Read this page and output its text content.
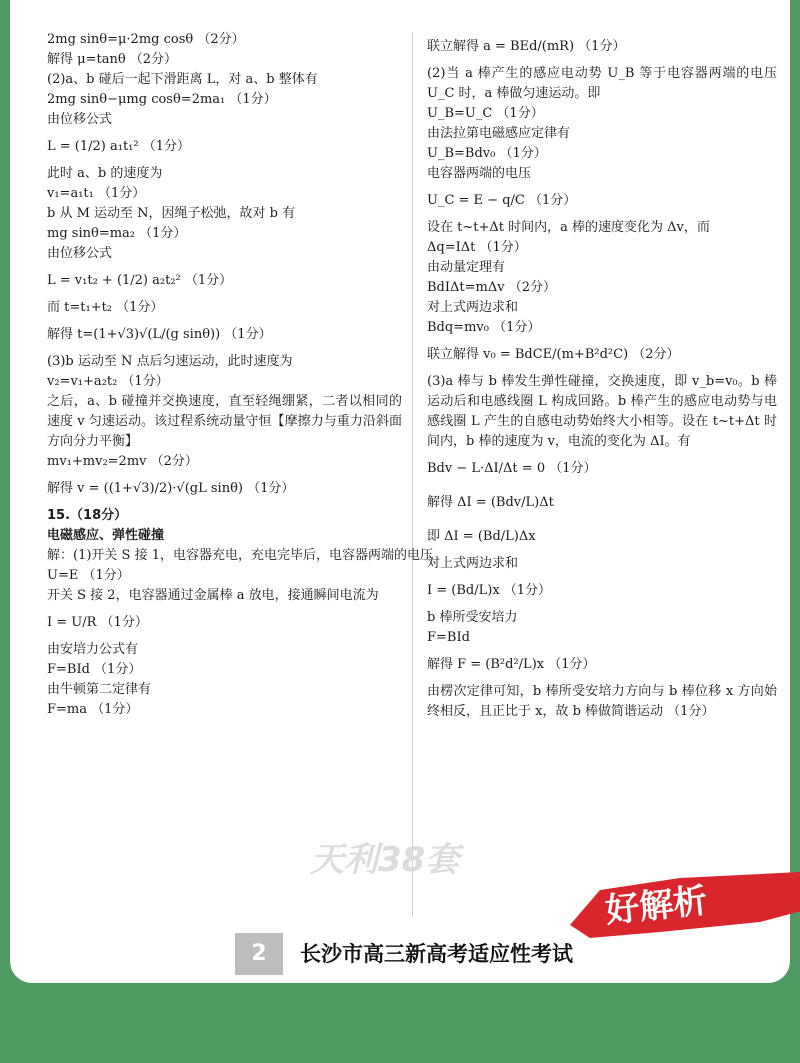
2mg sinθ=μ·2mg cosθ （2分）
解得 μ=tanθ （2分）
(2)a、b 碰后一起下滑距离 L，对 a、b 整体有
2mg sinθ−μmg cosθ=2ma₁ （1分）
由位移公式
L = (1/2) a₁t₁² （1分）
此时 a、b 的速度为
v₁=a₁t₁ （1分）
b 从 M 运动至 N，因绳子松弛，故对 b 有
mg sinθ=ma₂ （1分）
由位移公式
L = v₁t₂ + (1/2) a₂t₂² （1分）
而 t=t₁+t₂ （1分）
解得 t=(1+√3)√(L/(g sinθ)) （1分）
(3)b 运动至 N 点后匀速运动，此时速度为
v₂=v₁+a₂t₂ （1分）
之后，a、b 碰撞并交换速度，直至轻绳绷紧，二者以相同的速度 v 匀速运动。该过程系统动量守恒【摩擦力与重力沿斜面方向分力平衡】
mv₁+mv₂=2mv （2分）
解得 v = ((1+√3)/2)·√(gL sinθ) （1分）
15.（18分）
电磁感应、弹性碰撞
解：(1)开关 S 接 1，电容器充电，充电完毕后，电容器两端的电压
U=E （1分）
开关 S 接 2，电容器通过金属棒 a 放电，接通瞬间电流为
I = U/R （1分）
由安培力公式有
F=BId （1分）
由牛顿第二定律有
F=ma （1分）
联立解得 a = BEd/(mR) （1分）
(2)当 a 棒产生的感应电动势 U_B 等于电容器两端的电压 U_C 时，a 棒做匀速运动。即
U_B=U_C （1分）
由法拉第电磁感应定律有
U_B=Bdv₀ （1分）
电容器两端的电压
U_C = E − q/C （1分）
设在 t~t+Δt 时间内，a 棒的速度变化为 Δv，而
Δq=IΔt （1分）
由动量定理有
BdIΔt=mΔv （2分）
对上式两边求和
Bdq=mv₀ （1分）
联立解得 v₀ = BdCE/(m+B²d²C) （2分）
(3)a 棒与 b 棒发生弹性碰撞，交换速度，即 v_b=v₀。b 棒运动后和电感线圈 L 构成回路。b 棒产生的感应电动势与电感线圈 L 产生的自感电动势始终大小相等。设在 t~t+Δt 时间内，b 棒的速度为 v，电流的变化为 ΔI。有
Bdv − L·ΔI/Δt = 0 （1分）
解得 ΔI = (Bdv/L)Δt
即 ΔI = (Bd/L)Δx
对上式两边求和
I = (Bd/L)x （1分）
b 棒所受安培力
F=BId
解得 F = (B²d²/L)x （1分）
由楞次定律可知，b 棒所受安培力方向与 b 棒位移 x 方向始终相反，且正比于 x，故 b 棒做简谐运动 （1分）
天利38套
2	长沙市高三新高考适应性考试
好解析
